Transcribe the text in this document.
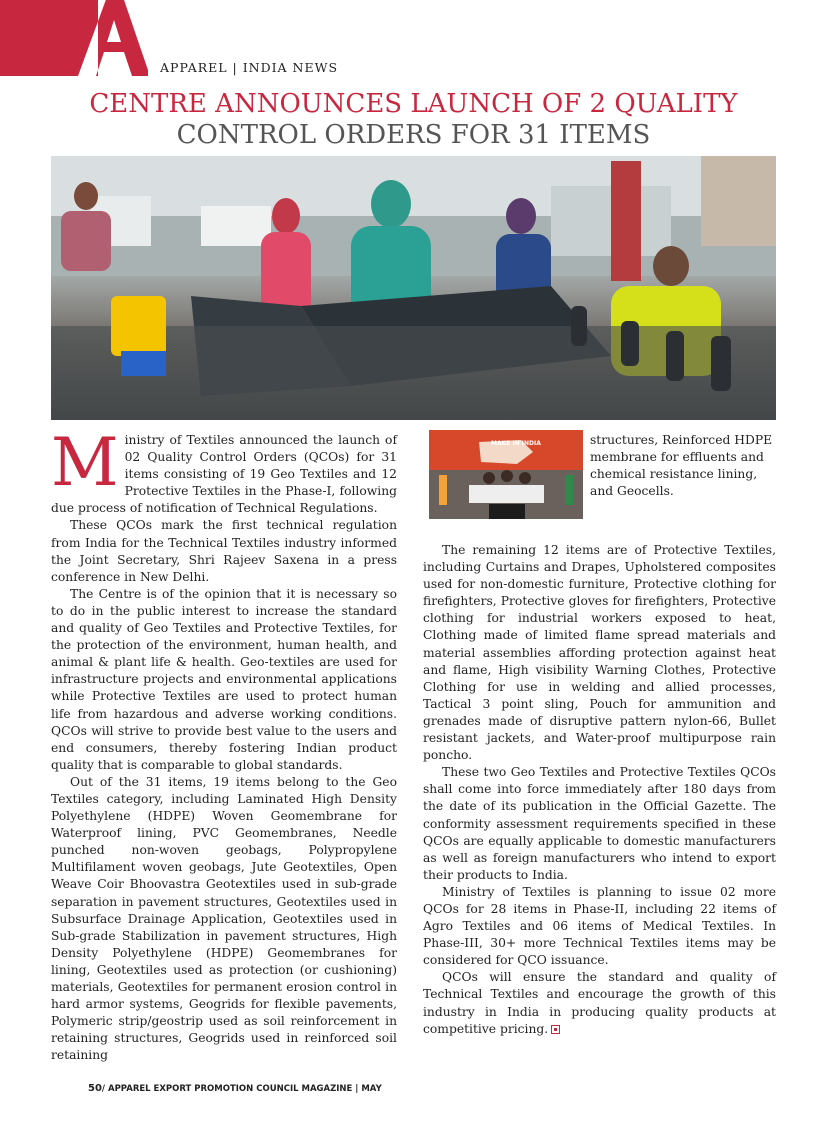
APPAREL | INDIA NEWS
CENTRE ANNOUNCES LAUNCH OF 2 QUALITY
CONTROL ORDERS FOR 31 ITEMS
MAKE IN INDIA

Ministry of Textiles announced the launch of 02 Quality Control Orders (QCOs) for 31 items consisting of 19 Geo Textiles and 12 Protective Textiles in the Phase-I, following due process of notification of Technical Regulations.

These QCOs mark the first technical regulation from India for the Technical Textiles industry informed the Joint Secretary, Shri Rajeev Saxena in a press conference in New Delhi.

The Centre is of the opinion that it is necessary so to do in the public interest to increase the standard and quality of Geo Textiles and Protective Textiles, for the protection of the environment, human health, and animal & plant life & health. Geo-textiles are used for infrastructure projects and environmental applications while Protective Textiles are used to protect human life from hazardous and adverse working conditions. QCOs will strive to provide best value to the users and end consumers, thereby fostering Indian product quality that is comparable to global standards.

Out of the 31 items, 19 items belong to the Geo Textiles category, including Laminated High Density Polyethylene (HDPE) Woven Geomembrane for Waterproof lining, PVC Geomembranes, Needle punched non-woven geobags, Polypropylene Multifilament woven geobags, Jute Geotextiles, Open Weave Coir Bhoovastra Geotextiles used in sub-grade separation in pavement structures, Geotextiles used in Subsurface Drainage Application, Geotextiles used in Sub-grade Stabilization in pavement structures, High Density Polyethylene (HDPE) Geomembranes for lining, Geotextiles used as protection (or cushioning) materials, Geotextiles for permanent erosion control in hard armor systems, Geogrids for flexible pavements, Polymeric strip/geostrip used as soil reinforcement in retaining structures, Geogrids used in reinforced soil retaining

structures, Reinforced HDPE membrane for effluents and chemical resistance lining, and Geocells.

The remaining 12 items are of Protective Textiles, including Curtains and Drapes, Upholstered composites used for non-domestic furniture, Protective clothing for firefighters, Protective gloves for firefighters, Protective clothing for industrial workers exposed to heat, Clothing made of limited flame spread materials and material assemblies affording protection against heat and flame, High visibility Warning Clothes, Protective Clothing for use in welding and allied processes, Tactical 3 point sling, Pouch for ammunition and grenades made of disruptive pattern nylon-66, Bullet resistant jackets, and Water-proof multipurpose rain poncho.

These two Geo Textiles and Protective Textiles QCOs shall come into force immediately after 180 days from the date of its publication in the Official Gazette. The conformity assessment requirements specified in these QCOs are equally applicable to domestic manufacturers as well as foreign manufacturers who intend to export their products to India.

Ministry of Textiles is planning to issue 02 more QCOs for 28 items in Phase-II, including 22 items of Agro Textiles and 06 items of Medical Textiles. In Phase-III, 30+ more Technical Textiles items may be considered for QCO issuance.

QCOs will ensure the standard and quality of Technical Textiles and encourage the growth of this industry in India in producing quality products at competitive pricing.

50/ APPAREL EXPORT PROMOTION COUNCIL MAGAZINE | MAY
